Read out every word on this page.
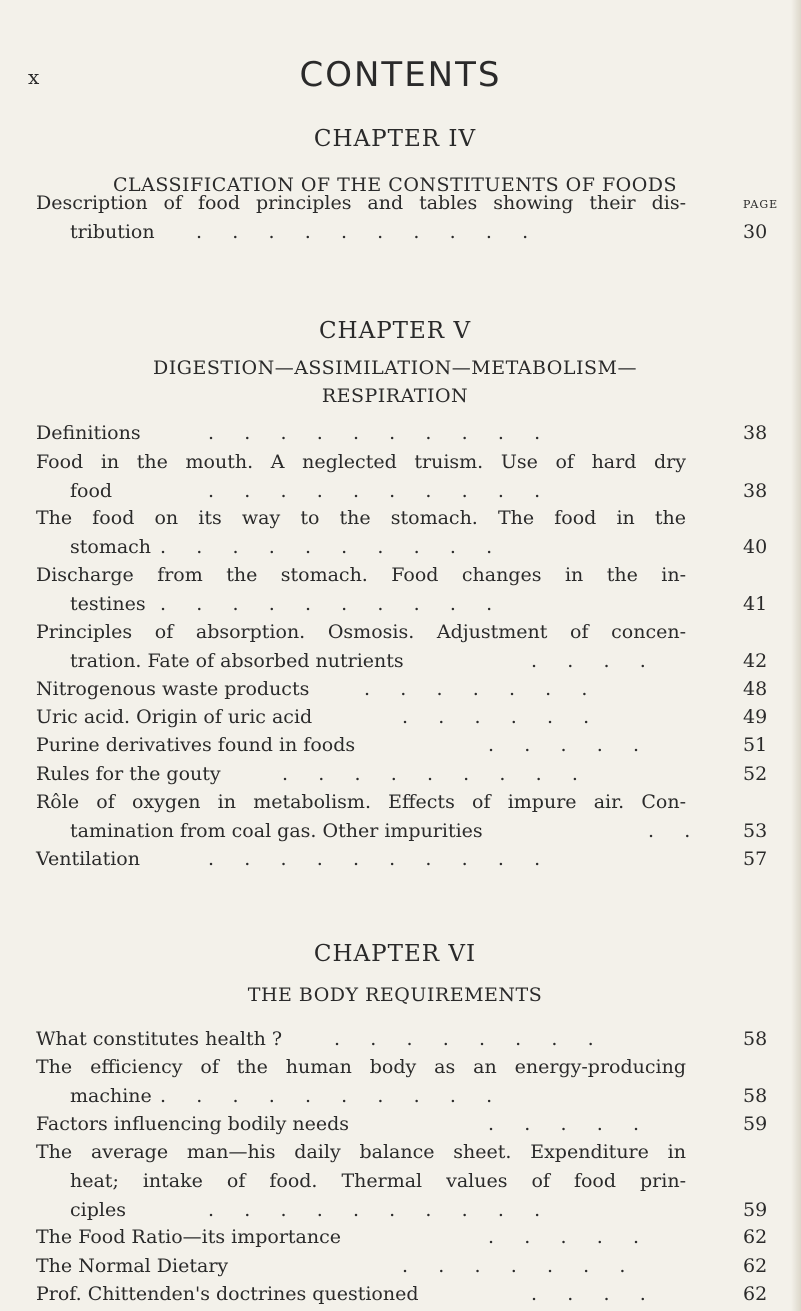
x	CONTENTS
CHAPTER IV
CLASSIFICATION OF THE CONSTITUENTS OF FOODS
PAGE
Description of food principles and tables showing their dis-
tribution .     .     .     .     .     .     .     .     .     .	30
CHAPTER V
DIGESTION—ASSIMILATION—METABOLISM—
RESPIRATION
Definitions	.     .     .     .     .     .     .     .     .     .	38
Food in the mouth. A neglected truism. Use of hard dry
food	.     .     .     .     .     .     .     .     .     .	38
The food on its way to the stomach. The food in the
stomach .     .     .     .     .     .     .     .     .     .	40
Discharge from the stomach. Food changes in the in-
testines .     .     .     .     .     .     .     .     .     .	41
Principles of absorption. Osmosis. Adjustment of concen-
tration. Fate of absorbed nutrients	.     .     .     .	42
Nitrogenous waste products	.     .     .     .     .     .     .	48
Uric acid. Origin of uric acid	.     .     .     .     .     .	49
Purine derivatives found in foods	.     .     .     .     .	51
Rules for the gouty	.     .     .     .     .     .     .     .     .	52
Rôle of oxygen in metabolism. Effects of impure air. Con-
tamination from coal gas. Other impurities	.     .	53
Ventilation	.     .     .     .     .     .     .     .     .     .	57
CHAPTER VI
THE BODY REQUIREMENTS
What constitutes health ?	.     .     .     .     .     .     .     .	58
The efficiency of the human body as an energy-producing
machine .     .     .     .     .     .     .     .     .     .	58
Factors influencing bodily needs	.     .     .     .     .	59
The average man—his daily balance sheet. Expenditure in
heat; intake of food. Thermal values of food prin-
ciples	.     .     .     .     .     .     .     .     .     .	59
The Food Ratio—its importance	.     .     .     .     .	62
The Normal Dietary	.     .     .     .     .     .     .	62
Prof. Chittenden's doctrines questioned	.     .     .     .	62
